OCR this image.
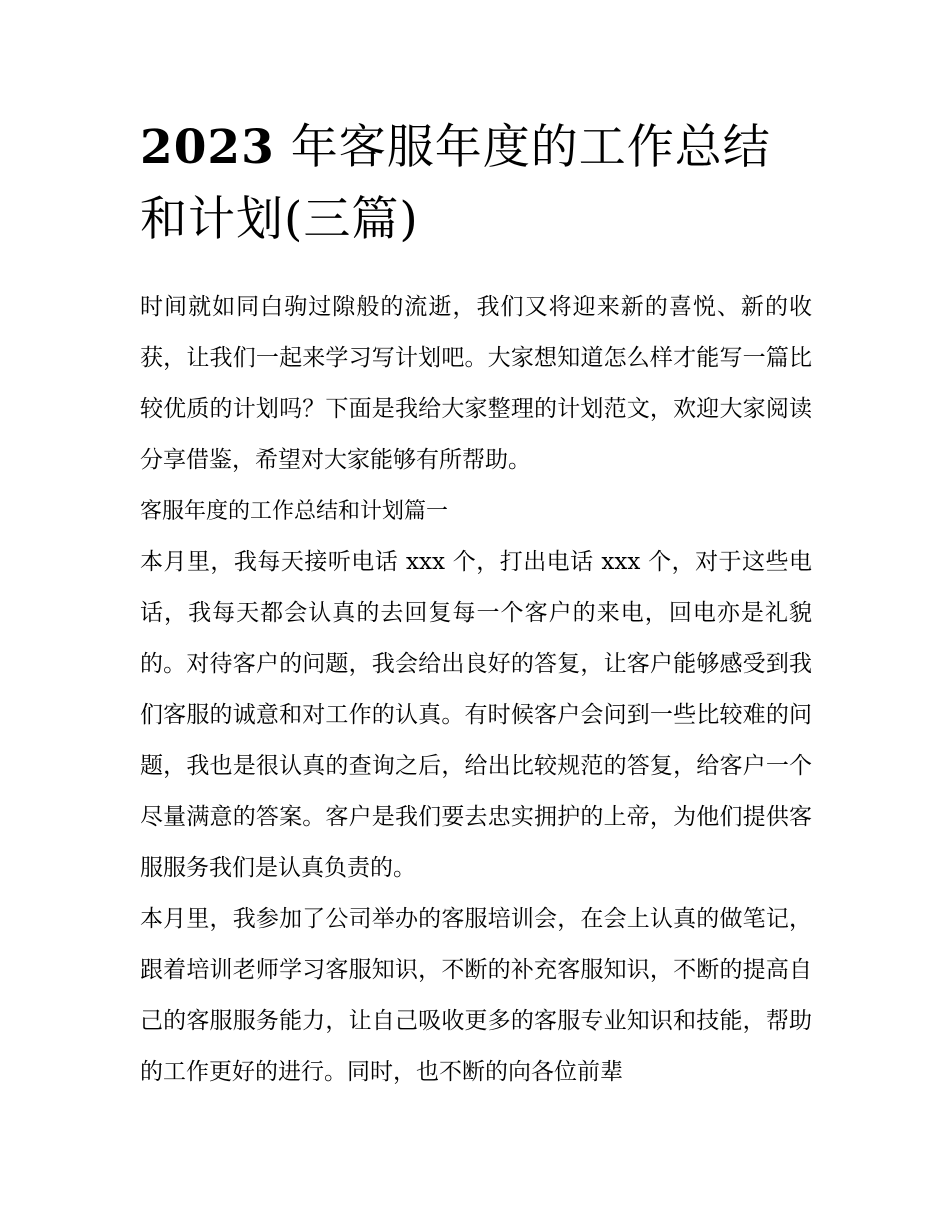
2023 年客服年度的工作总结和计划(三篇)

时间就如同白驹过隙般的流逝，我们又将迎来新的喜悦、新的收获，让我们一起来学习写计划吧。大家想知道怎么样才能写一篇比较优质的计划吗？下面是我给大家整理的计划范文，欢迎大家阅读分享借鉴，希望对大家能够有所帮助。

客服年度的工作总结和计划篇一

本月里，我每天接听电话 xxx 个，打出电话 xxx 个，对于这些电话，我每天都会认真的去回复每一个客户的来电，回电亦是礼貌的。对待客户的问题，我会给出良好的答复，让客户能够感受到我们客服的诚意和对工作的认真。有时候客户会问到一些比较难的问题，我也是很认真的查询之后，给出比较规范的答复，给客户一个尽量满意的答案。客户是我们要去忠实拥护的上帝，为他们提供客服服务我们是认真负责的。

本月里，我参加了公司举办的客服培训会，在会上认真的做笔记，跟着培训老师学习客服知识，不断的补充客服知识，不断的提高自己的客服服务能力，让自己吸收更多的客服专业知识和技能，帮助的工作更好的进行。同时，也不断的向各位前辈
